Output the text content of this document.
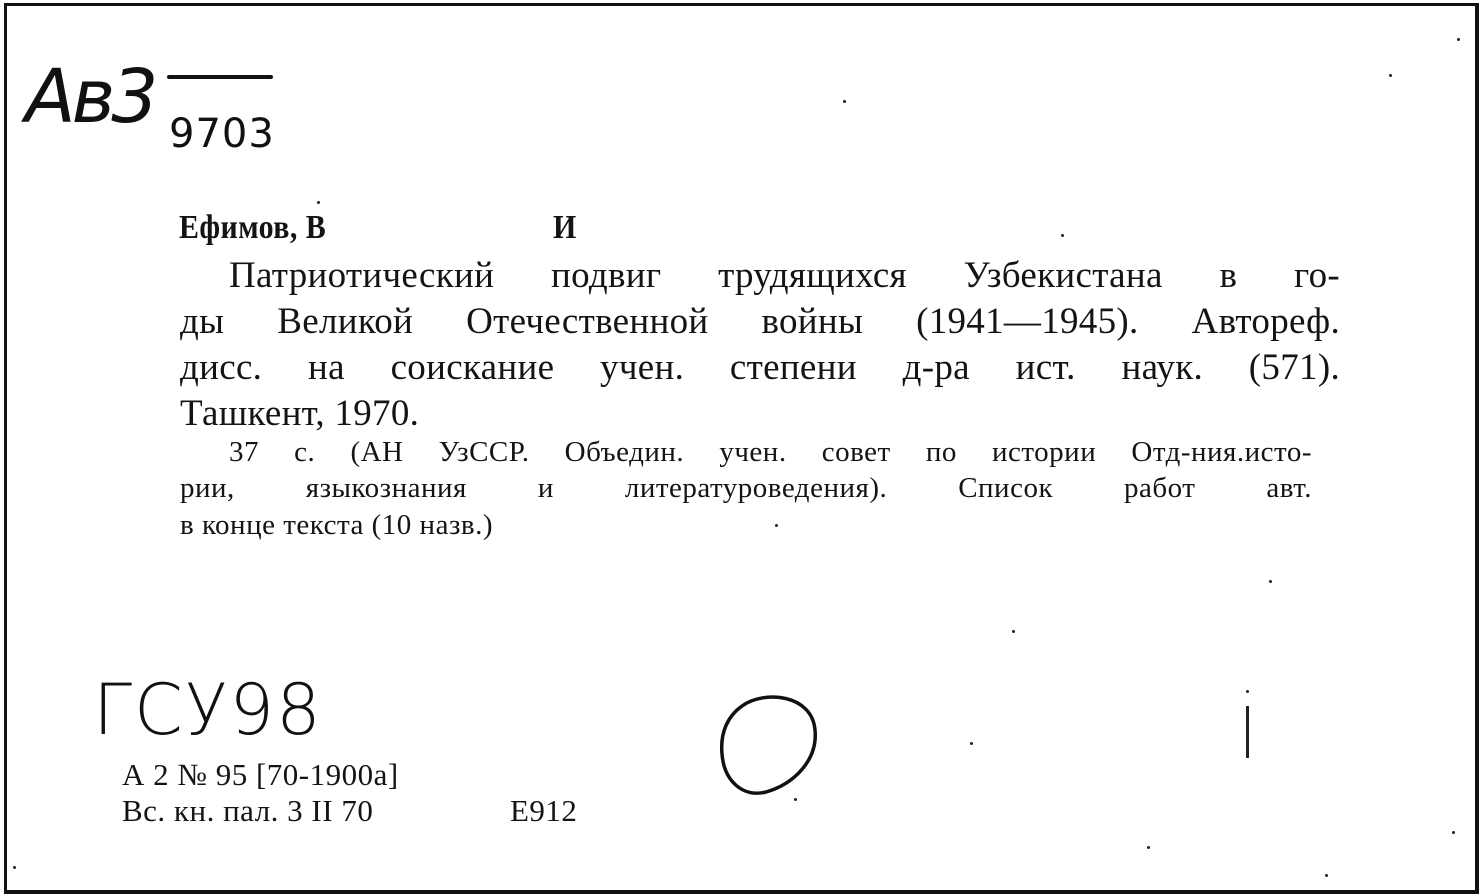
Ав3 9703
Ефимов, В	И
Патриотический подвиг трудящихся Узбекистана в го-
ды Великой Отечественной войны (1941—1945). Автореф.
дисс. на соискание учен. степени д-ра ист. наук. (571).
Ташкент, 1970.
37 с. (АН УзССР. Объедин. учен. совет по истории Отд-ния.исто-
рии, языкознания и литературоведения). Список работ авт.
в конце текста (10 назв.)
ГСУ98
А 2 № 95 [70-1900а]
Вс. кн. пал. 3 II 70	Е912
